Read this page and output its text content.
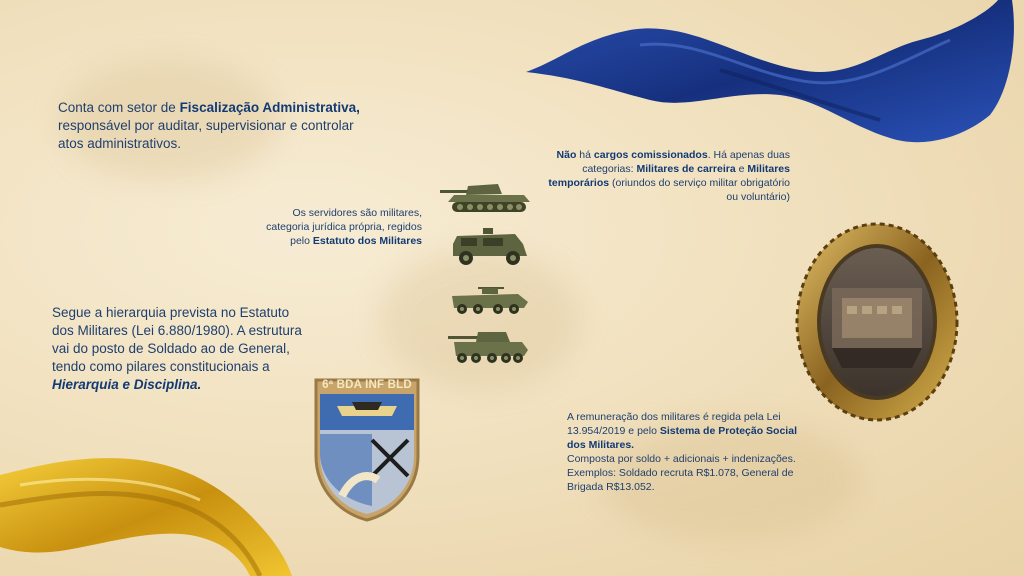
Conta com setor de Fiscalização Administrativa, responsável por auditar, supervisionar e controlar atos administrativos.
Os servidores são militares, categoria jurídica própria, regidos pelo Estatuto dos Militares
Segue a hierarquia prevista no Estatuto dos Militares (Lei 6.880/1980). A estrutura vai do posto de Soldado ao de General, tendo como pilares constitucionais a Hierarquia e Disciplina.
Não há cargos comissionados. Há apenas duas categorias: Militares de carreira e Militares temporários (oriundos do serviço militar obrigatório ou voluntário)
A remuneração dos militares é regida pela Lei 13.954/2019 e pelo Sistema de Proteção Social dos Militares.
Composta por soldo + adicionais + indenizações.
Exemplos: Soldado recruta R$1.078, General de Brigada R$13.052.
6ª BDA INF BLD
